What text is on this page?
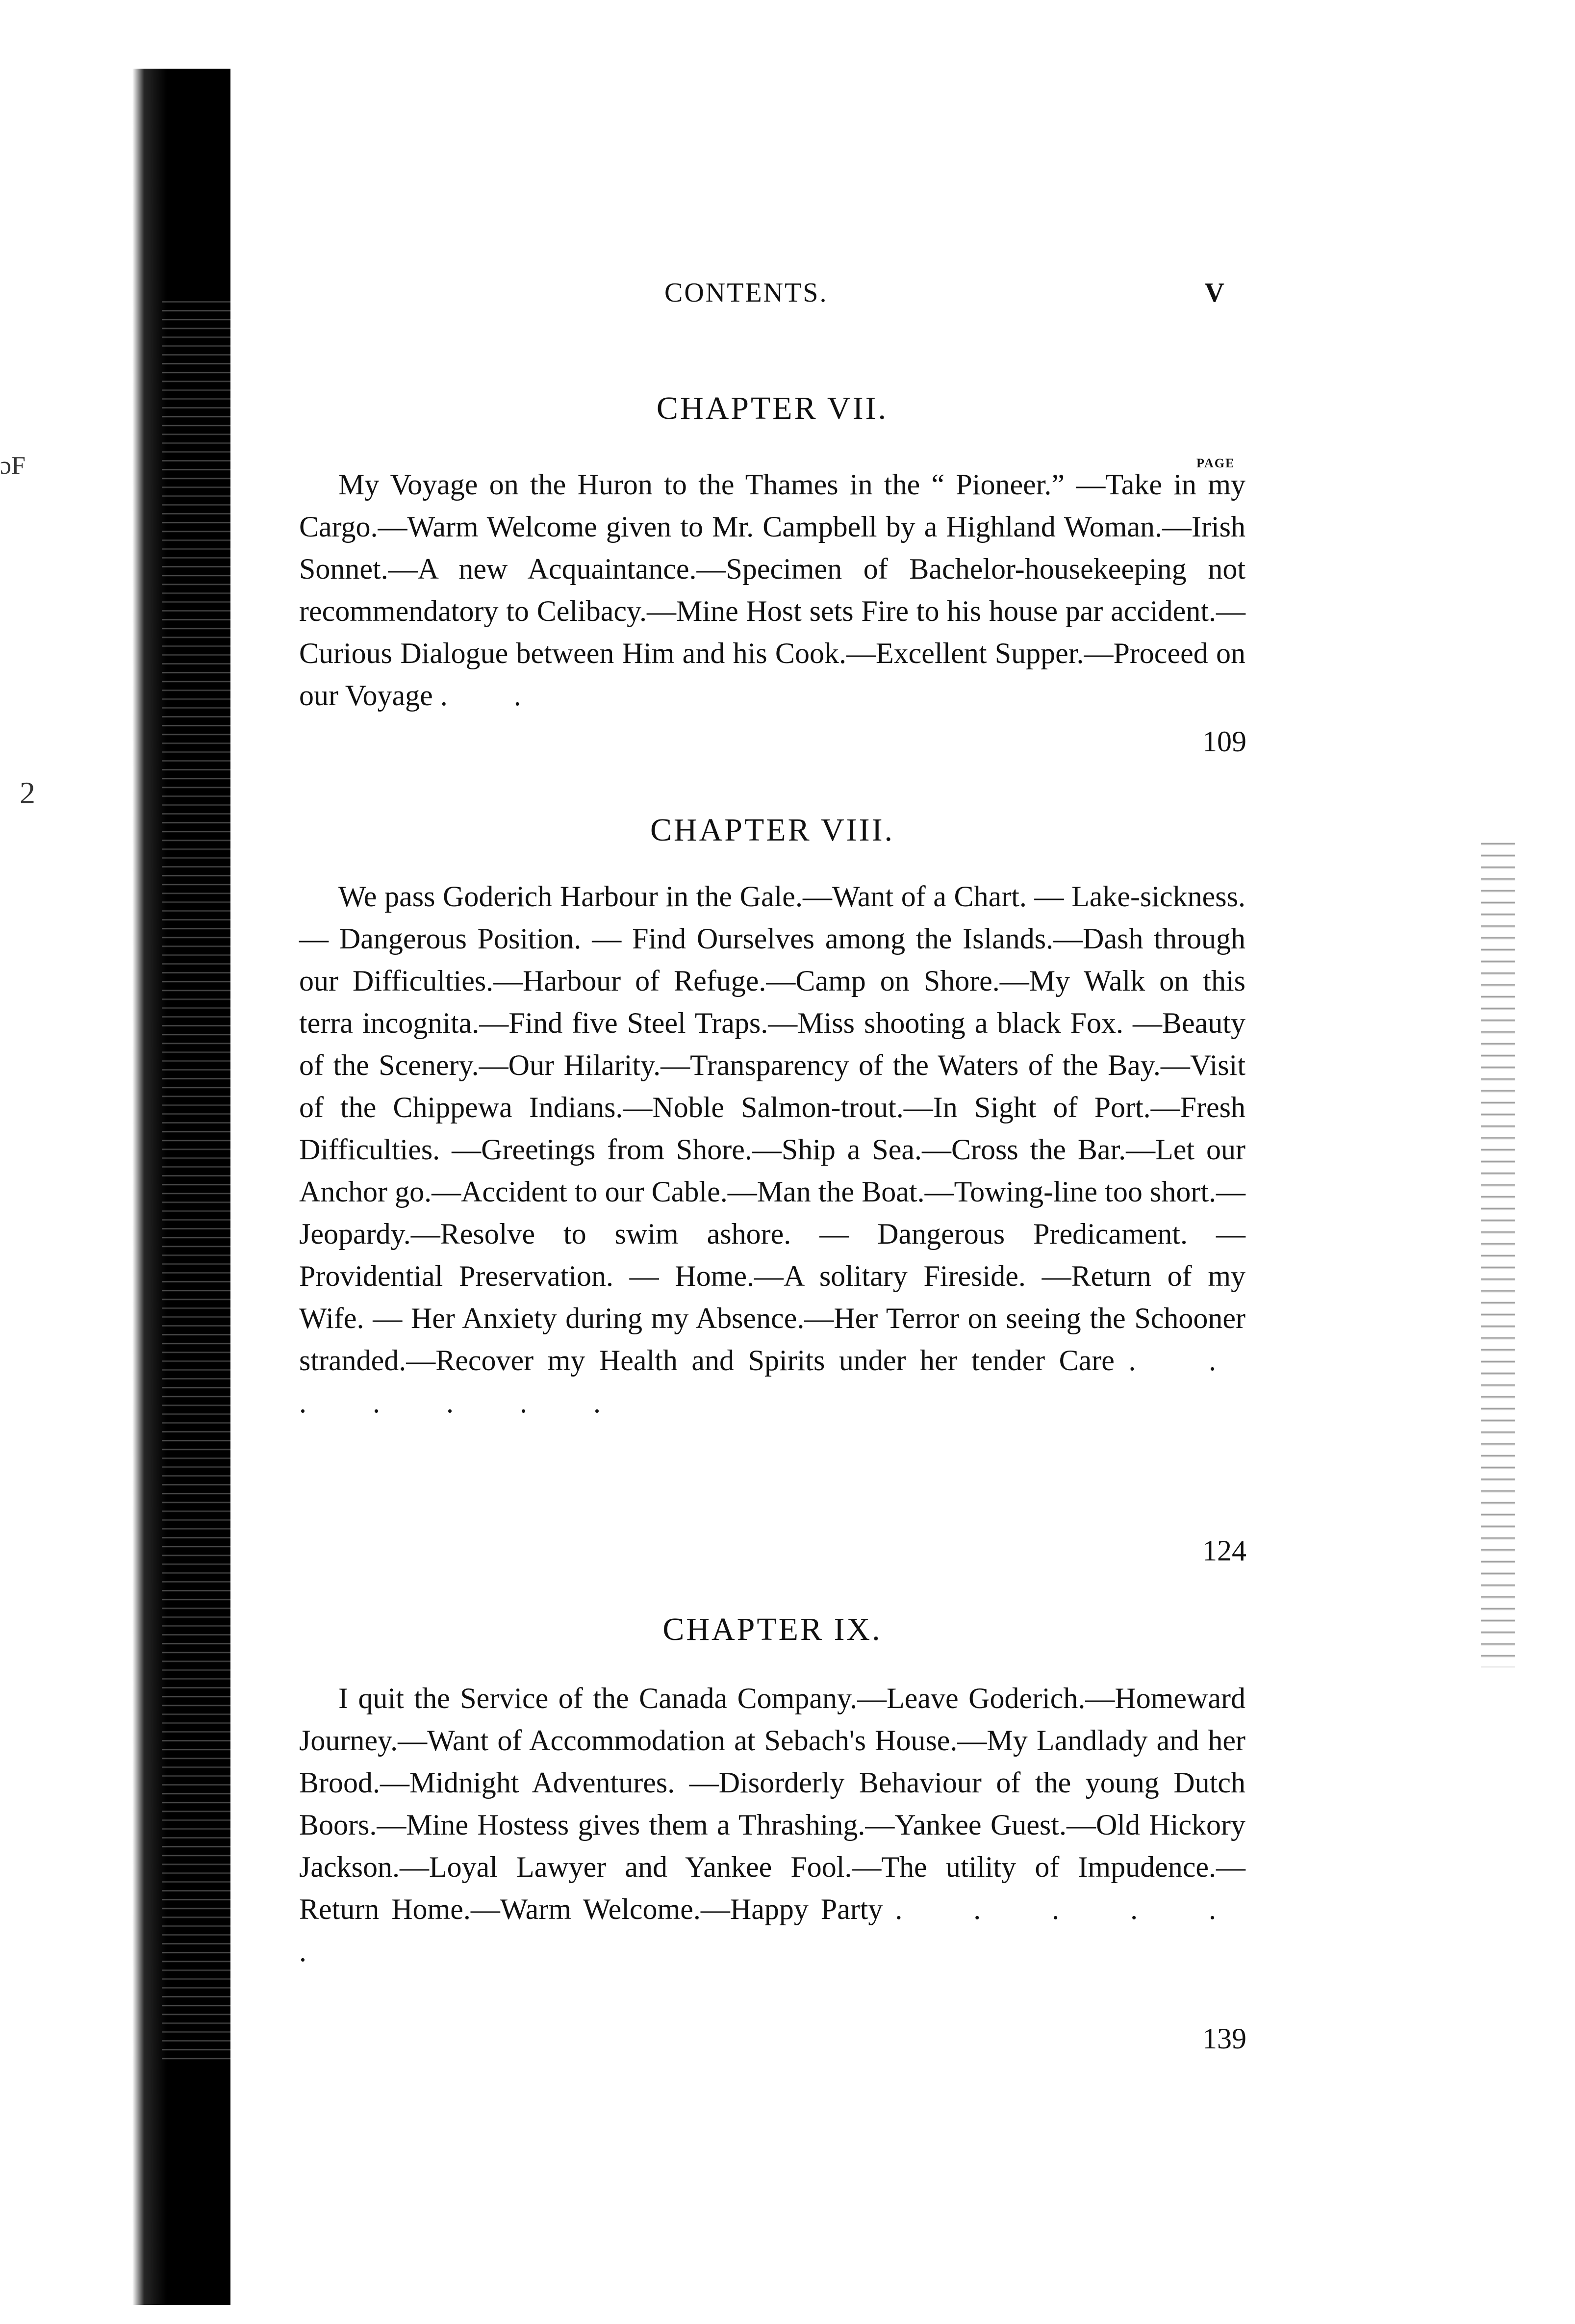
ɔF
2
CONTENTS.	V
CHAPTER VII.
PAGE

My Voyage on the Huron to the Thames in the “ Pioneer.” —Take in my Cargo.—Warm Welcome given to Mr. Campbell by a Highland Woman.—Irish Sonnet.—A new Acquaintance.—Specimen of Bachelor-housekeeping not recommendatory to Celibacy.—Mine Host sets Fire to his house par accident.—Curious Dialogue between Him and his Cook.—Excellent Supper.—Proceed on our Voyage . .

109
CHAPTER VIII.

We pass Goderich Harbour in the Gale.—Want of a Chart. — Lake-sickness. — Dangerous Position. — Find Ourselves among the Islands.—Dash through our Difficulties.—Harbour of Refuge.—Camp on Shore.—My Walk on this terra incognita.—Find five Steel Traps.—Miss shooting a black Fox. —Beauty of the Scenery.—Our Hilarity.—Transparency of the Waters of the Bay.—Visit of the Chippewa Indians.—Noble Salmon-trout.—In Sight of Port.—Fresh Difficulties. —Greetings from Shore.—Ship a Sea.—Cross the Bar.—Let our Anchor go.—Accident to our Cable.—Man the Boat.—Towing-line too short.—Jeopardy.—Resolve to swim ashore. — Dangerous Predicament. — Providential Preservation. — Home.—A solitary Fireside. —Return of my Wife. — Her Anxiety during my Absence.—Her Terror on seeing the Schooner stranded.—Recover my Health and Spirits under her tender Care . . . . . . .

124
CHAPTER IX.

I quit the Service of the Canada Company.—Leave Goderich.—Homeward Journey.—Want of Accommodation at Sebach's House.—My Landlady and her Brood.—Midnight Adventures. —Disorderly Behaviour of the young Dutch Boors.—Mine Hostess gives them a Thrashing.—Yankee Guest.—Old Hickory Jackson.—Loyal Lawyer and Yankee Fool.—The utility of Impudence.—Return Home.—Warm Welcome.—Happy Party . . . . . .

139
